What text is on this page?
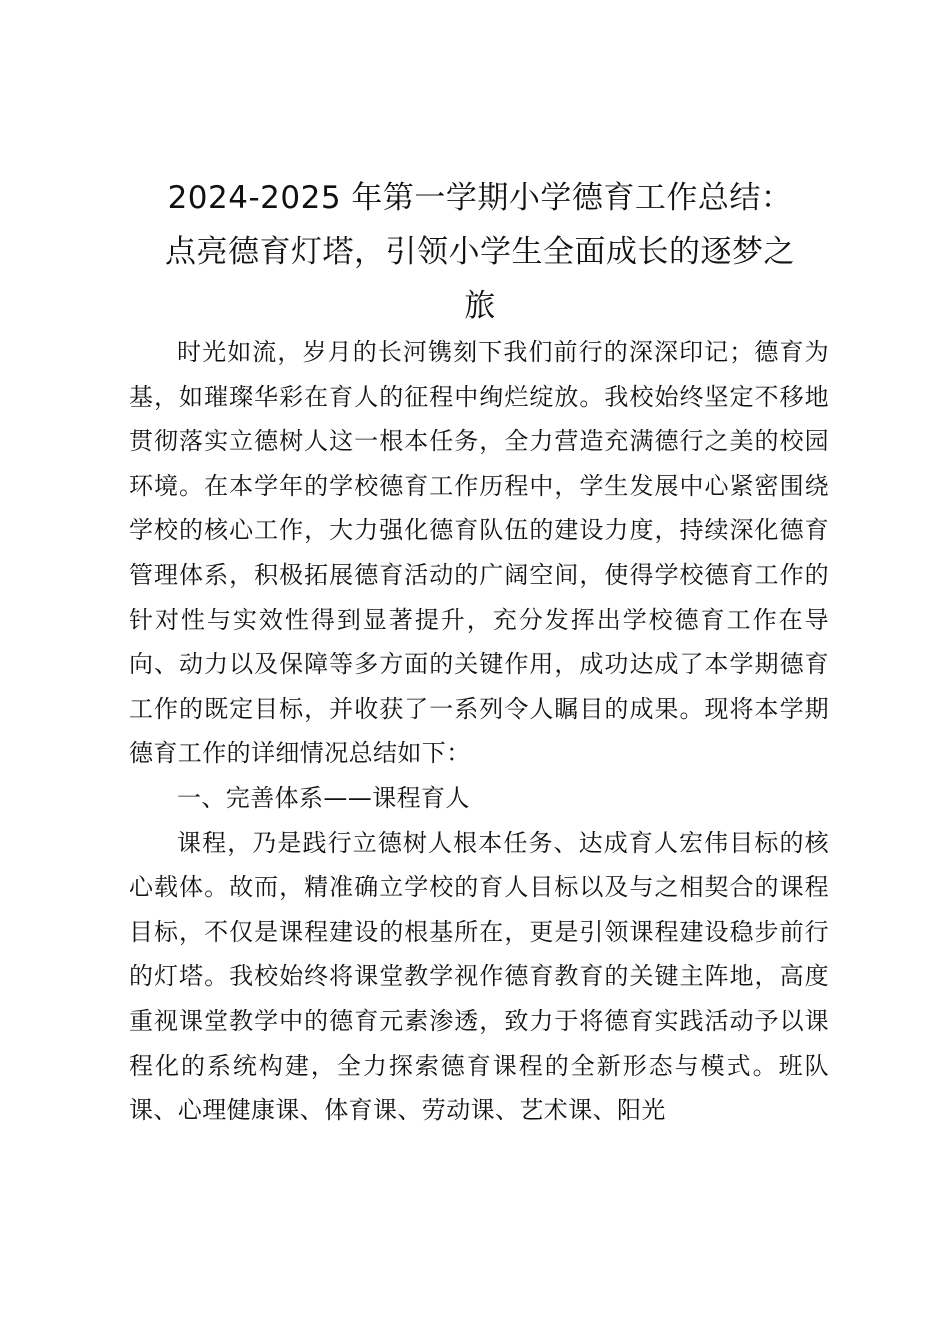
2024-2025 年第一学期小学德育工作总结：
点亮德育灯塔，引领小学生全面成长的逐梦之
旅

时光如流，岁月的长河镌刻下我们前行的深深印记；德育为基，如璀璨华彩在育人的征程中绚烂绽放。我校始终坚定不移地贯彻落实立德树人这一根本任务，全力营造充满德行之美的校园环境。在本学年的学校德育工作历程中，学生发展中心紧密围绕学校的核心工作，大力强化德育队伍的建设力度，持续深化德育管理体系，积极拓展德育活动的广阔空间，使得学校德育工作的针对性与实效性得到显著提升，充分发挥出学校德育工作在导向、动力以及保障等多方面的关键作用，成功达成了本学期德育工作的既定目标，并收获了一系列令人瞩目的成果。现将本学期德育工作的详细情况总结如下：

一、完善体系——课程育人

课程，乃是践行立德树人根本任务、达成育人宏伟目标的核心载体。故而，精准确立学校的育人目标以及与之相契合的课程目标，不仅是课程建设的根基所在，更是引领课程建设稳步前行的灯塔。我校始终将课堂教学视作德育教育的关键主阵地，高度重视课堂教学中的德育元素渗透，致力于将德育实践活动予以课程化的系统构建，全力探索德育课程的全新形态与模式。班队课、心理健康课、体育课、劳动课、艺术课、阳光
